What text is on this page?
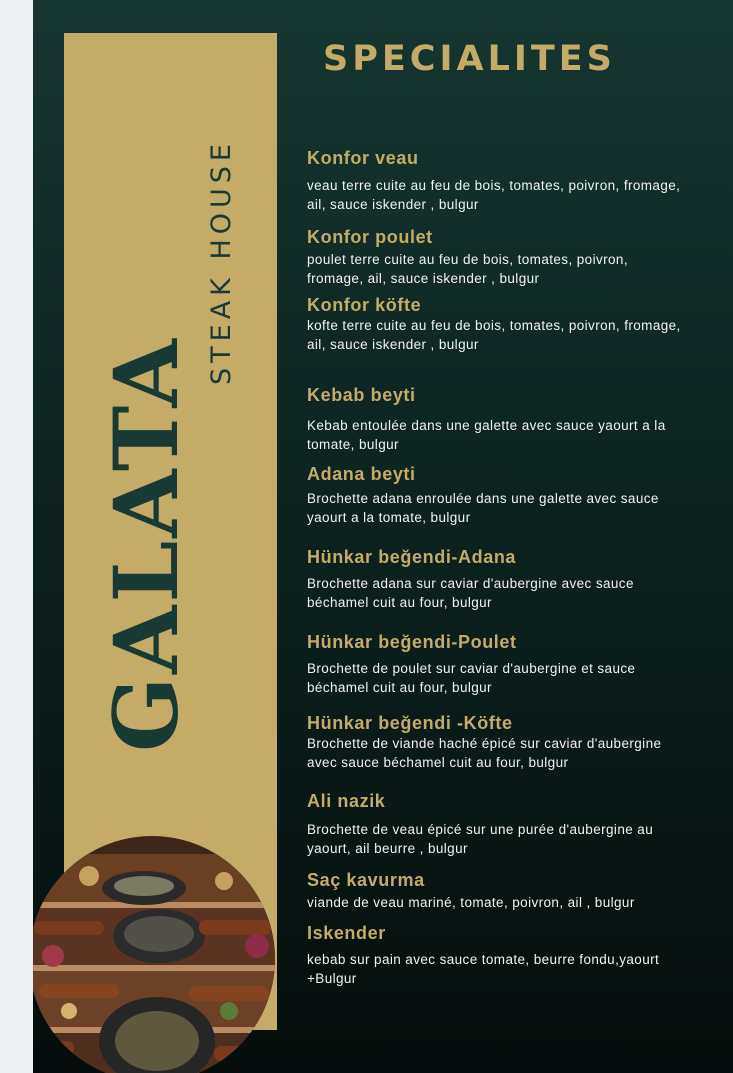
GALATA
STEAK HOUSE
SPECIALITES
Konfor veau

veau terre cuite au feu de bois, tomates, poivron, fromage, ail, sauce iskender , bulgur

Konfor poulet

poulet terre cuite au feu de bois, tomates, poivron, fromage, ail, sauce iskender , bulgur

Konfor köfte

kofte terre cuite au feu de bois, tomates, poivron, fromage, ail, sauce iskender , bulgur

Kebab beyti

Kebab entoulée dans une galette avec sauce yaourt a la tomate, bulgur

Adana beyti

Brochette adana enroulée dans une galette avec sauce yaourt a la tomate, bulgur

Hünkar beğendi-Adana

Brochette adana sur caviar d'aubergine avec sauce béchamel cuit au four, bulgur

Hünkar beğendi-Poulet

Brochette de poulet sur caviar d'aubergine et sauce béchamel cuit au four, bulgur

Hünkar beğendi -Köfte

Brochette de viande haché épicé sur caviar d'aubergine avec sauce béchamel cuit au four, bulgur

Ali nazik

Brochette de veau épicé sur une purée d'aubergine au yaourt, ail beurre , bulgur

Saç kavurma

viande de veau mariné, tomate, poivron, ail , bulgur

Iskender

kebab sur pain avec sauce tomate, beurre fondu,yaourt +Bulgur
